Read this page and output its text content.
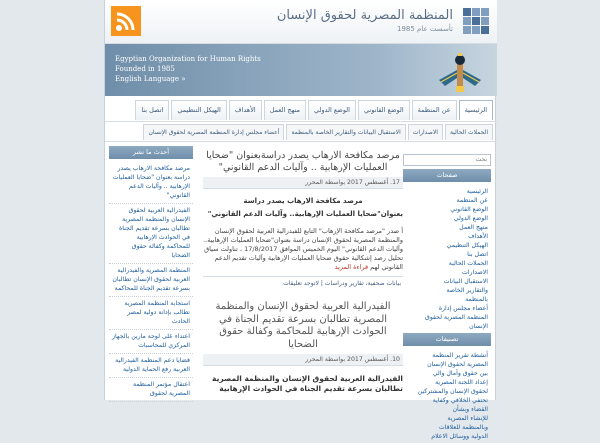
المنظمة المصرية لحقوق الإنسان
تأسست عام 1985
Egyptian Organization for Human Rights
Founded in 1985
English Language »
الرئيسية
عن المنظمة
الوضع القانوني
الوضع الدولي
منهج العمل
الأهداف
الهيكل التنظيمي
اتصل بنا
الحملات الحالية
الاصدارات
الاستقبال البيانات والتقارير الخاصة بالمنظمة
أعضاء مجلس إدارة المنظمة المصرية لحقوق الإنسان
بحث
صفحات
الرئيسية
عن المنظمة
الوضع القانوني
الوضع الدولي
منهج العمل
الأهداف
الهيكل التنظيمي
اتصل بنا
الحملات الحالية
الاصدارات
الاستقبال البيانات
والتقارير الخاصة
بالمنظمة
أعضاء مجلس إدارة
المنظمة المصرية لحقوق
الإنسان
تصنيفات
أنشطة تقرير المنظمة
المصرية لحقوق الإنسان
بين حقوق وآمال والي
إعداد اللجنة المصرية
لحقوق الإنسان والمشتركين
تحتفي الخلافي وكفاية
القضاء وبشأن
للإنشاء المصرية
وبالمنظمة للعلاقات
الدولية ووسائل الاعلام
مرصد مكافحة الارهاب يصدر دراسةبعنوان "ضحايا العمليات الإرهابية .. وآليات الدعم القانوني"
17. أغسطس 2017 بواسطة المحرر
مرصد مكافحة الارهاب يصدر دراسة
بعنوان"ضحايا العمليات الإرهابية.. وآليات الدعم القانوني"
أ صدر "مرصد مكافحة الإرهاب" التابع للفيدرالية العربية لحقوق الإنسان والمنظمة المصرية لحقوق الإنسان دراسة بعنوان"ضحايا العمليات الإرهابية.. وآليات الدعم القانوني" اليوم الخميس الموافق 17/8/2017 ، تناولت سياق تحليل رصد إشكالية حقوق ضحايا العمليات الإرهابية وآليات تقديم الدعم القانوني لهم قراءة المزيد
بيانات صحفية، تقارير ودراسات | لاتوجد تعليقات
الفيدرالية العربية لحقوق الإنسان والمنظمة المصرية تطالبان بسرعة تقديم الجناة في الحوادث الإرهابية للمحاكمة وكفالة حقوق الضحايا
10. أغسطس 2017 بواسطة المحرر
الفيدرالية العربية لحقوق الإنسان والمنظمة المصرية تطالبان بسرعة تقديم الجناة في الحوادث الإرهابية
أحدث ما نشر
مرصد مكافحة الارهاب يصدر دراسة بعنوان "ضحايا العمليات الإرهابية .. وآليات الدعم القانوني"
الفيدرالية العربية لحقوق الإنسان والمنظمة المصرية تطالبان بسرعة تقديم الجناة في الحوادث الإرهابية للمحاكمة وكفالة حقوق الضحايا
المنظمة المصرية والفيدرالية العربية لحقوق الإنسان تطالبان بسرعة تقديم الجناة للمحاكمة
استجابة المنظمة المصرية تطالب بإدانة دولية لمصر الحادث
اعتداء على لوحة مارين بالجهاز المركزي للمحاسبات
قضايا دعم المنظمة الفيدرالية العربية رفع الحماية الدولية
اعتقال مؤتمر المنظمة المصرية لحقوق
